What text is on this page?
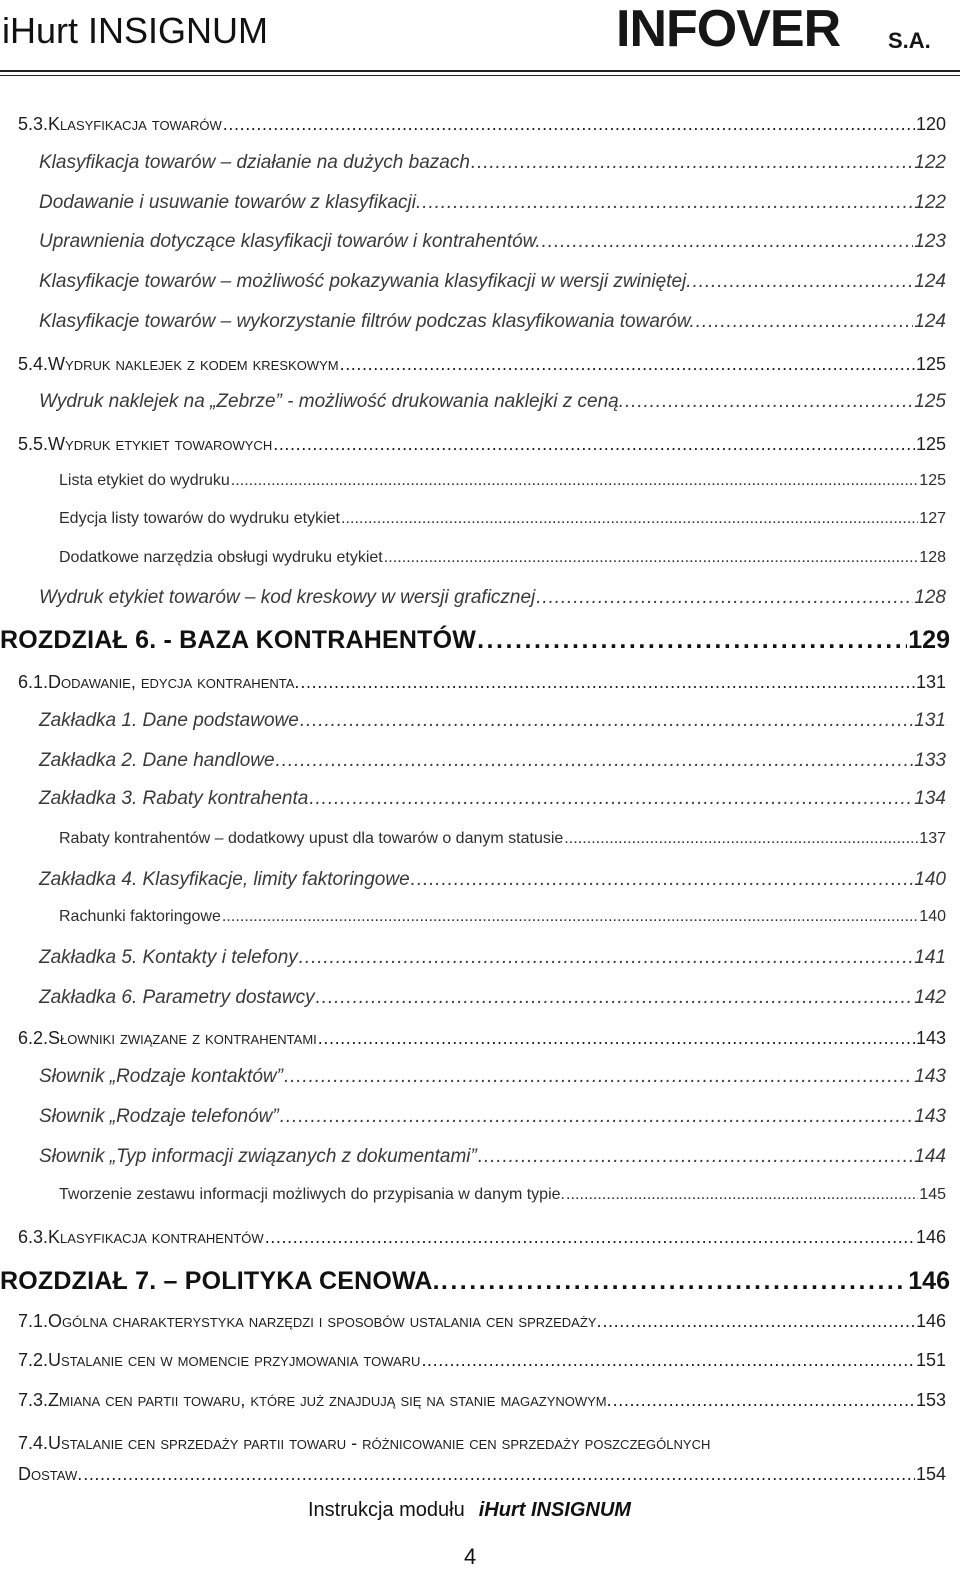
iHurt INSIGNUM	INFOVER S.A.
5.3. Klasyfikacja towarów . . .	120
Klasyfikacja towarów – działanie na dużych bazach . . .	122
Dodawanie i usuwanie towarów z klasyfikacji. . . .	122
Uprawnienia dotyczące klasyfikacji towarów i kontrahentów. . . .	123
Klasyfikacje towarów – możliwość pokazywania klasyfikacji w wersji zwiniętej. . . .	124
Klasyfikacje towarów – wykorzystanie filtrów podczas klasyfikowania towarów. . . .	124
5.4. Wydruk naklejek z kodem kreskowym . . .	125
Wydruk naklejek na „Zebrze” - możliwość drukowania naklejki z ceną. . . .	125
5.5. Wydruk etykiet towarowych . . .	125
Lista etykiet do wydruku . . .	125
Edycja listy towarów do wydruku etykiet . . .	127
Dodatkowe narzędzia obsługi wydruku etykiet . . .	128
Wydruk etykiet towarów – kod kreskowy w wersji graficznej . . .	128
ROZDZIAŁ 6. - BAZA KONTRAHENTÓW . . .	129
6.1. Dodawanie, edycja kontrahenta. . . .	131
Zakładka 1. Dane podstawowe . . .	131
Zakładka 2. Dane handlowe . . .	133
Zakładka 3. Rabaty kontrahenta . . .	134
Rabaty kontrahentów – dodatkowy upust dla towarów o danym statusie . . .	137
Zakładka 4. Klasyfikacje, limity faktoringowe . . .	140
Rachunki faktoringowe . . .	140
Zakładka 5. Kontakty i telefony . . .	141
Zakładka 6. Parametry dostawcy . . .	142
6.2. Słowniki związane z kontrahentami . . .	143
Słownik „Rodzaje kontaktów” . . .	143
Słownik „Rodzaje telefonów” . . .	143
Słownik „Typ informacji związanych z dokumentami” . . .	144
Tworzenie zestawu informacji możliwych do przypisania w danym typie. . . .	145
6.3. Klasyfikacja kontrahentów . . .	146
ROZDZIAŁ 7. – POLITYKA CENOWA. . . .	146
7.1. Ogólna charakterystyka narzędzi i sposobów ustalania cen sprzedaży. . . .	146
7.2. Ustalanie cen w momencie przyjmowania towaru . . .	151
7.3. Zmiana cen partii towaru, które już znajdują się na stanie magazynowym. . . .	153
7.4. Ustalanie cen sprzedaży partii towaru - różnicowanie cen sprzedaży poszczególnych
Dostaw. . . .	154
Instrukcja modułu iHurt INSIGNUM
4
